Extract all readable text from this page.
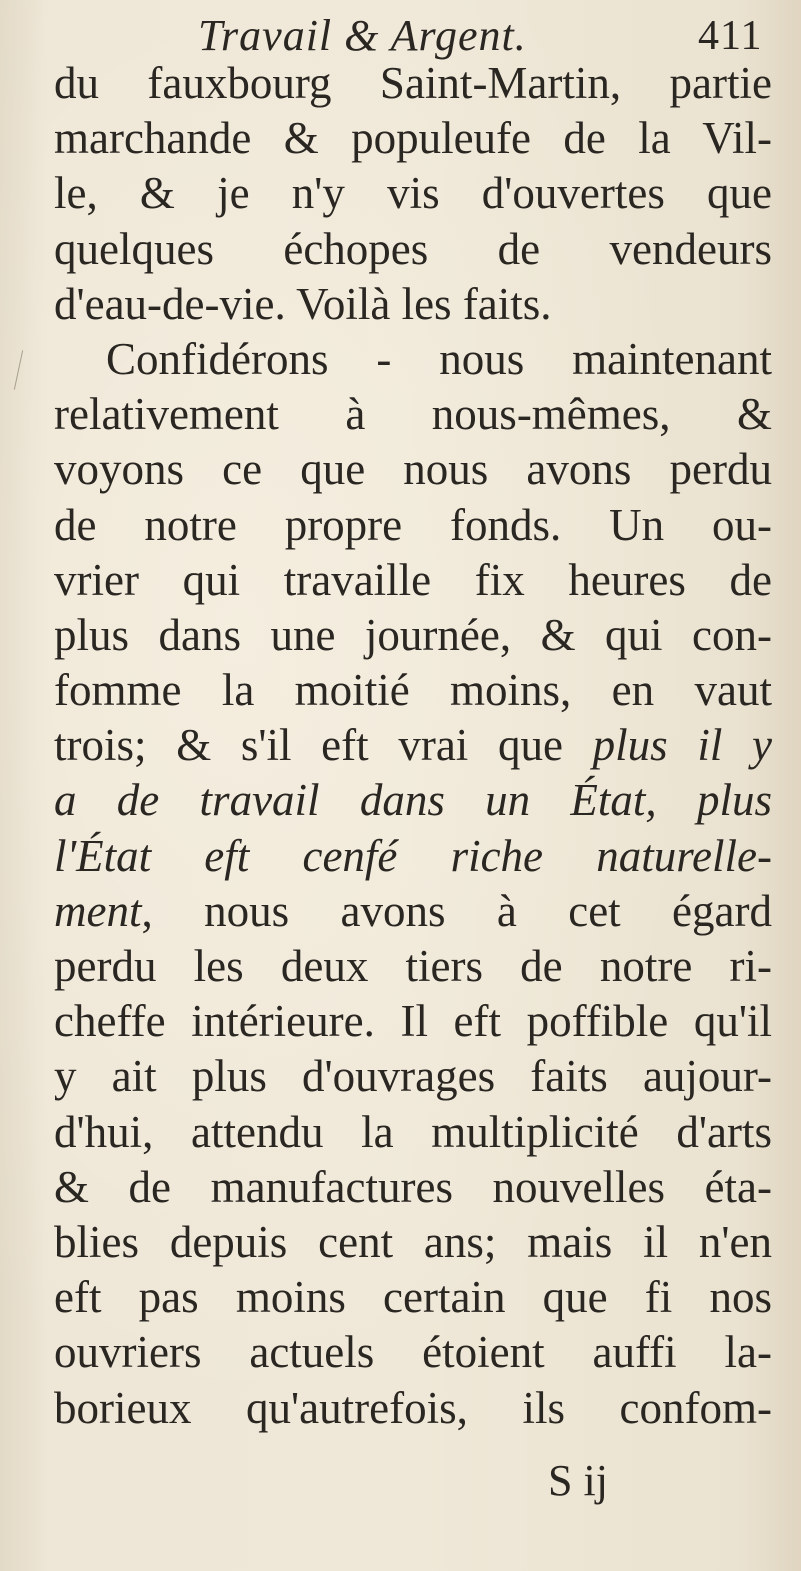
Travail & Argent.	411
du fauxbourg Saint-Martin, partie
marchande & populeufe de la Vil-
le, & je n'y vis d'ouvertes que
quelques échopes de vendeurs
d'eau-de-vie. Voilà les faits.
Confidérons - nous maintenant
relativement à nous-mêmes, &
voyons ce que nous avons perdu
de notre propre fonds. Un ou-
vrier qui travaille fix heures de
plus dans une journée, & qui con-
fomme la moitié moins, en vaut
trois; & s'il eft vrai que plus il y
a de travail dans un État, plus
l'État eft cenfé riche naturelle-
ment, nous avons à cet égard
perdu les deux tiers de notre ri-
cheffe intérieure. Il eft poffible qu'il
y ait plus d'ouvrages faits aujour-
d'hui, attendu la multiplicité d'arts
& de manufactures nouvelles éta-
blies depuis cent ans; mais il n'en
eft pas moins certain que fi nos
ouvriers actuels étoient auffi la-
borieux qu'autrefois, ils confom-
S ij
